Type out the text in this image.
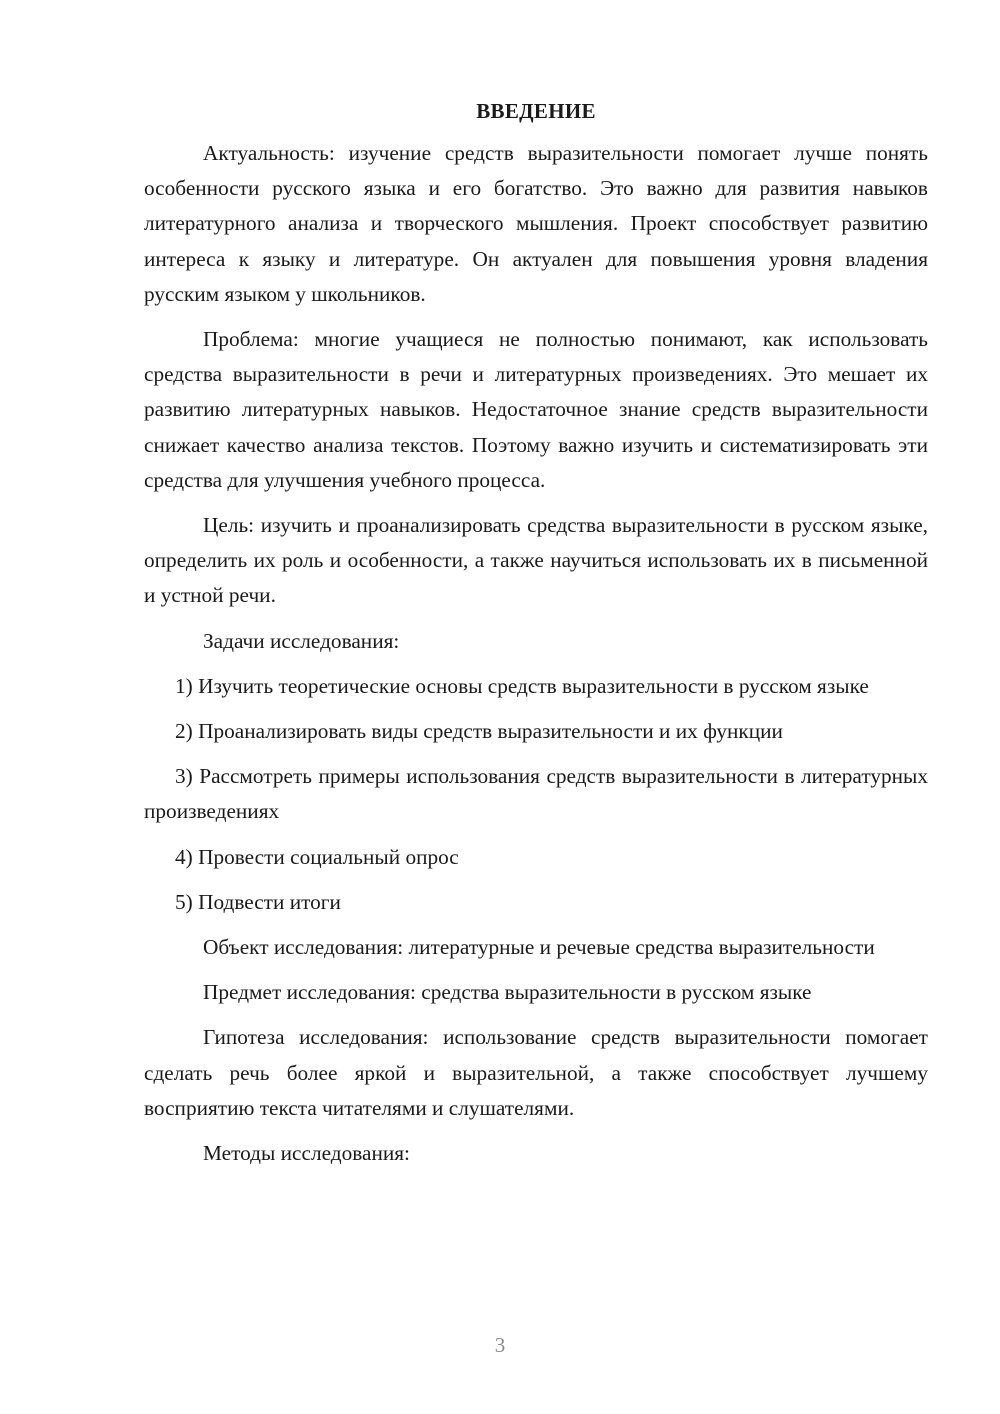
ВВЕДЕНИЕ

Актуальность: изучение средств выразительности помогает лучше понять особенности русского языка и его богатство. Это важно для развития навыков литературного анализа и творческого мышления. Проект способствует развитию интереса к языку и литературе. Он актуален для повышения уровня владения русским языком у школьников.

Проблема: многие учащиеся не полностью понимают, как использовать средства выразительности в речи и литературных произведениях. Это мешает их развитию литературных навыков. Недостаточное знание средств выразительности снижает качество анализа текстов. Поэтому важно изучить и систематизировать эти средства для улучшения учебного процесса.

Цель: изучить и проанализировать средства выразительности в русском языке, определить их роль и особенности, а также научиться использовать их в письменной и устной речи.

Задачи исследования:

1) Изучить теоретические основы средств выразительности в русском языке

2) Проанализировать виды средств выразительности и их функции

3) Рассмотреть примеры использования средств выразительности в литературных произведениях

4) Провести социальный опрос

5) Подвести итоги

Объект исследования: литературные и речевые средства выразительности

Предмет исследования: средства выразительности в русском языке

Гипотеза исследования: использование средств выразительности помогает сделать речь более яркой и выразительной, а также способствует лучшему восприятию текста читателями и слушателями.

Методы исследования:

3
